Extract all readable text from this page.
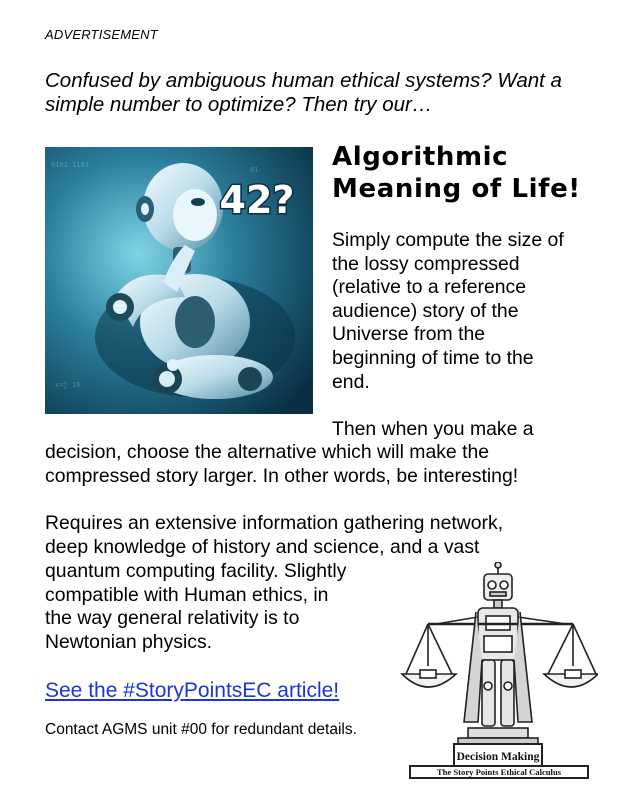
ADVERTISEMENT
Confused by ambiguous human ethical systems? Want a
simple number to optimize? Then try our…
0101 1101
x=∑ 10
01
42?
Algorithmic
Meaning of Life!

Simply compute the size of
the lossy compressed
(relative to a reference
audience) story of the
Universe from the
beginning of time to the
end.

Then when you make a

decision, choose the alternative which will make the
compressed story larger. In other words, be interesting!

Requires an extensive information gathering network,
deep knowledge of history and science, and a vast

quantum computing facility. Slightly
compatible with Human ethics, in
the way general relativity is to
Newtonian physics.

See the #StoryPointsEC article!
Contact AGMS unit #00 for redundant details.
Decision Making
The Story Points Ethical Calculus
